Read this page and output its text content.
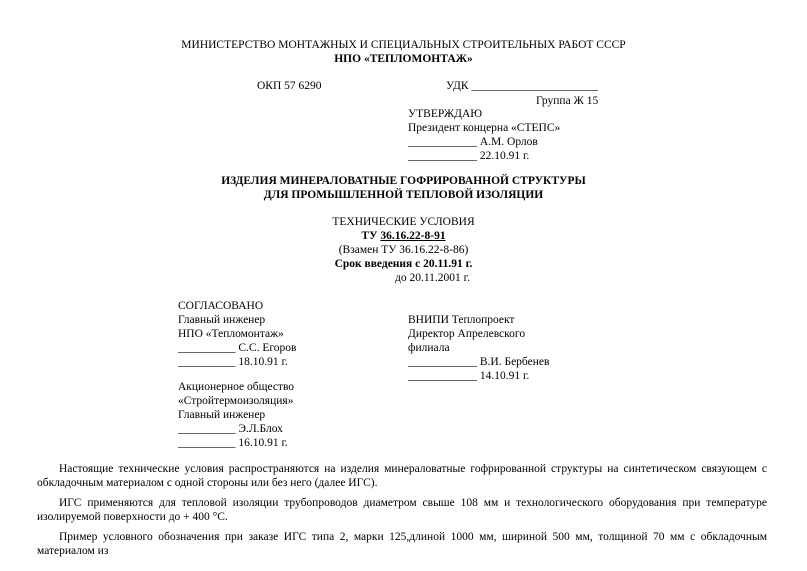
МИНИСТЕРСТВО МОНТАЖНЫХ И СПЕЦИАЛЬНЫХ СТРОИТЕЛЬНЫХ РАБОТ СССР
НПО «ТЕПЛОМОНТАЖ»
ОКП 57 6290	УДК ______________________
Группа Ж 15
УТВЕРЖДАЮ
Президент концерна «СТЕПС»
____________ А.М. Орлов
____________ 22.10.91 г.
ИЗДЕЛИЯ МИНЕРАЛОВАТНЫЕ ГОФРИРОВАННОЙ СТРУКТУРЫ
ДЛЯ ПРОМЫШЛЕННОЙ ТЕПЛОВОЙ ИЗОЛЯЦИИ
ТЕХНИЧЕСКИЕ УСЛОВИЯ
ТУ 36.16.22-8-91
(Взамен ТУ 36.16.22-8-86)
Срок введения с 20.11.91 г.
до 20.11.2001 г.
СОГЛАСОВАНО
Главный инженер
НПО «Тепломонтаж»
__________ С.С. Егоров
__________ 18.10.91 г.
Акционерное общество
«Стройтермоизоляция»
Главный инженер
__________ Э.Л.Блох
__________ 16.10.91 г.
ВНИПИ Теплопроект
Директор Апрелевского
филиала
____________ В.И. Бербенев
____________ 14.10.91 г.

Настоящие технические условия распространяются на изделия минераловатные гофрированной структуры на синтетическом связующем с обкладочным материалом с одной стороны или без него (далее ИГС).

ИГС применяются для тепловой изоляции трубопроводов диаметром свыше 108 мм и технологического оборудования при температуре изолируемой поверхности до + 400 °С.

Пример условного обозначения при заказе ИГС типа 2, марки 125,длиной 1000 мм, шириной 500 мм, толщиной 70 мм с обкладочным материалом из
